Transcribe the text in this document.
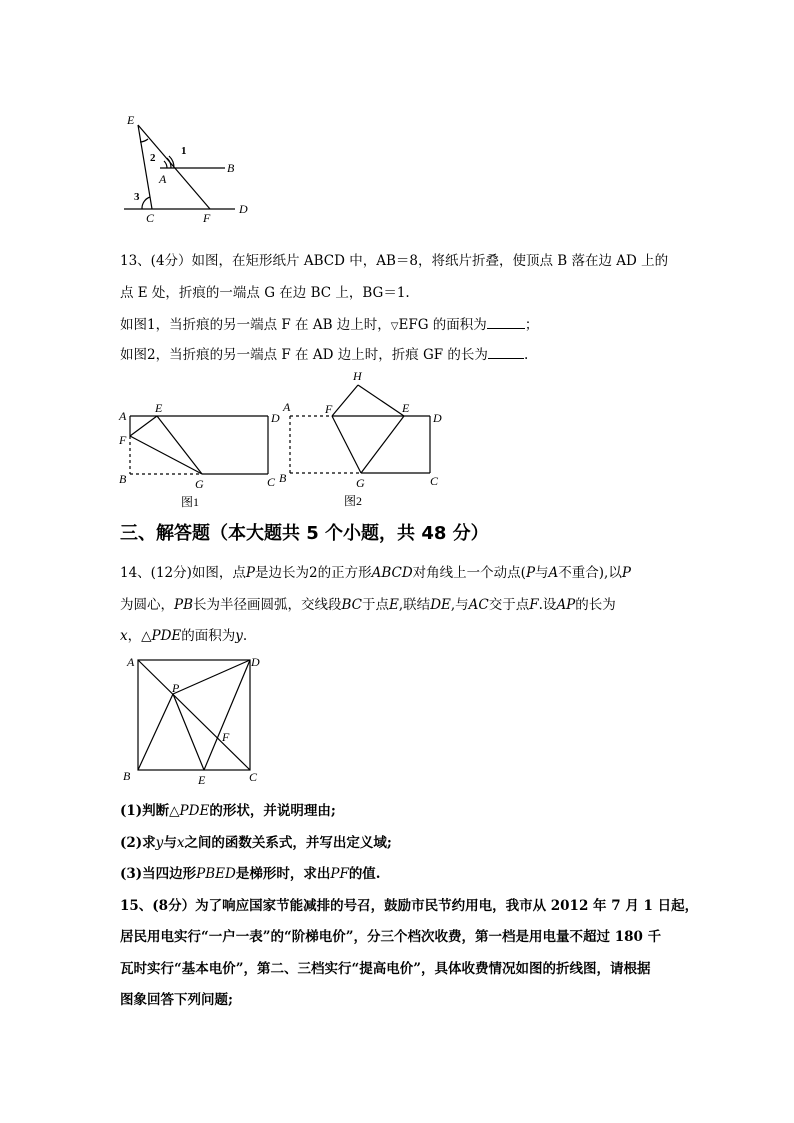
E
B
A
C	F
D
1
2
3
13、(4分）如图，在矩形纸片 ABCD 中，AB＝8，将纸片折叠，使顶点 B 落在边 AD 上的
点 E 处，折痕的一端点 G 在边 BC 上，BG＝1.
如图1，当折痕的另一端点 F 在 AB 边上时，▽EFG 的面积为	；
如图2，当折痕的另一端点 F 在 AD 边上时，折痕 GF 的长为	.
A
E
D
F
B	G	C
图1
A
H
F	E
D
B	G	C
图2
三、解答题（本大题共 5 个小题，共 48 分）
14、(12分)如图，点P是边长为2的正方形ABCD对角线上一个动点(P与A不重合),以P
为圆心，PB长为半径画圆弧，交线段BC于点E,联结DE,与AC交于点F.设AP的长为
x，△PDE的面积为y.
A	D
P
F
B	E	C
(1)判断△PDE的形状，并说明理由;
(2)求y与x之间的函数关系式，并写出定义域;
(3)当四边形PBED是梯形时，求出PF的值.
15、(8分）为了响应国家节能减排的号召，鼓励市民节约用电，我市从 2012 年 7 月 1 日起，
居民用电实行“一户一表”的“阶梯电价”，分三个档次收费，第一档是用电量不超过 180 千
瓦时实行“基本电价”，第二、三档实行“提高电价”，具体收费情况如图的折线图，请根据
图象回答下列问题;
